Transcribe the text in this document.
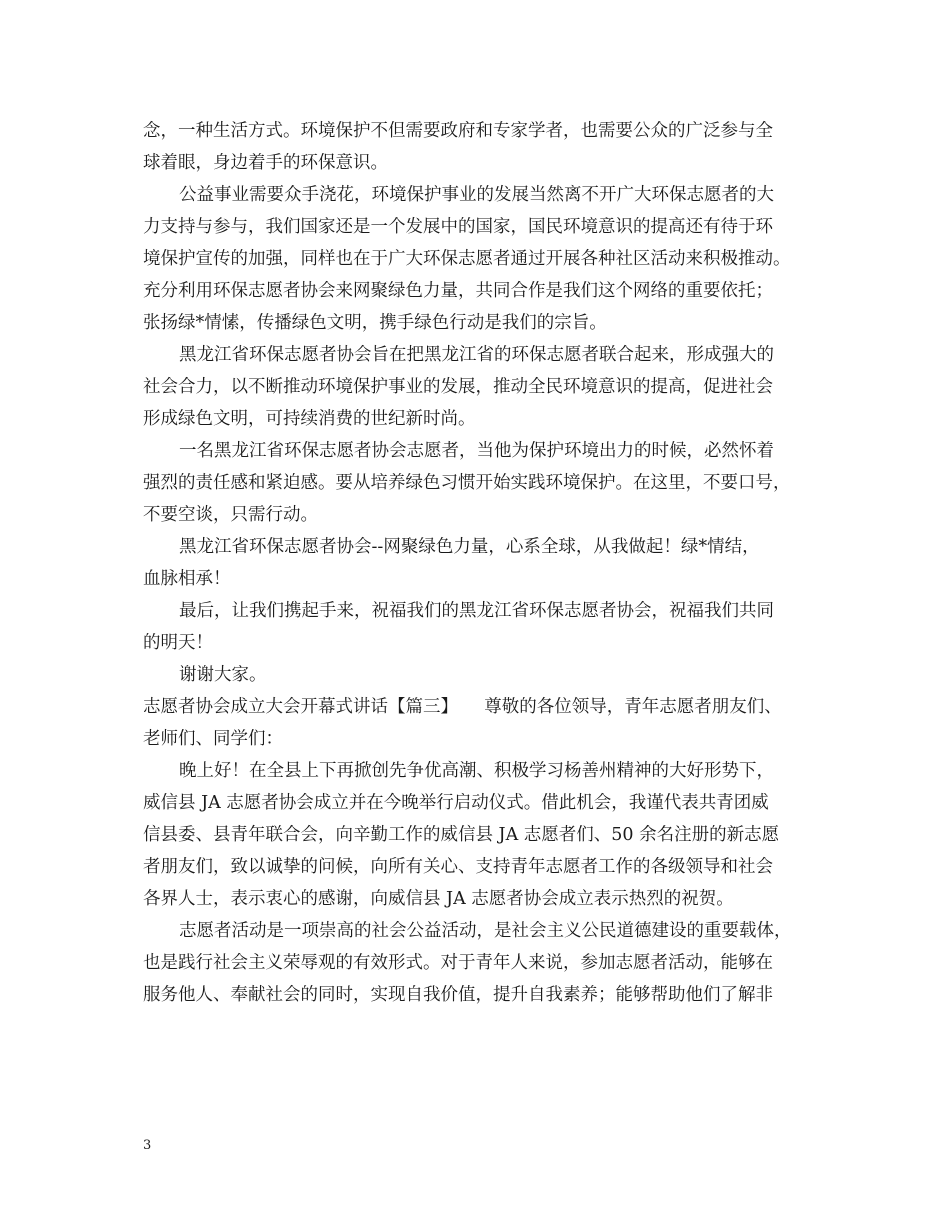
念，一种生活方式。环境保护不但需要政府和专家学者，也需要公众的广泛参与全
球着眼，身边着手的环保意识。
公益事业需要众手浇花，环境保护事业的发展当然离不开广大环保志愿者的大
力支持与参与，我们国家还是一个发展中的国家，国民环境意识的提高还有待于环
境保护宣传的加强，同样也在于广大环保志愿者通过开展各种社区活动来积极推动。
充分利用环保志愿者协会来网聚绿色力量，共同合作是我们这个网络的重要依托；
张扬绿*情愫，传播绿色文明，携手绿色行动是我们的宗旨。
黑龙江省环保志愿者协会旨在把黑龙江省的环保志愿者联合起来，形成强大的
社会合力，以不断推动环境保护事业的发展，推动全民环境意识的提高，促进社会
形成绿色文明，可持续消费的世纪新时尚。
一名黑龙江省环保志愿者协会志愿者，当他为保护环境出力的时候，必然怀着
强烈的责任感和紧迫感。要从培养绿色习惯开始实践环境保护。在这里，不要口号，
不要空谈，只需行动。
黑龙江省环保志愿者协会--网聚绿色力量，心系全球，从我做起！绿*情结，
血脉相承！
最后，让我们携起手来，祝福我们的黑龙江省环保志愿者协会，祝福我们共同
的明天！
谢谢大家。
志愿者协会成立大会开幕式讲话【篇三】　　尊敬的各位领导，青年志愿者朋友们、
老师们、同学们：
晚上好！在全县上下再掀创先争优高潮、积极学习杨善州精神的大好形势下，
威信县 JA 志愿者协会成立并在今晚举行启动仪式。借此机会，我谨代表共青团威
信县委、县青年联合会，向辛勤工作的威信县 JA 志愿者们、50 余名注册的新志愿
者朋友们，致以诚挚的问候，向所有关心、支持青年志愿者工作的各级领导和社会
各界人士，表示衷心的感谢，向威信县 JA 志愿者协会成立表示热烈的祝贺。
志愿者活动是一项崇高的社会公益活动，是社会主义公民道德建设的重要载体，
也是践行社会主义荣辱观的有效形式。对于青年人来说，参加志愿者活动，能够在
服务他人、奉献社会的同时，实现自我价值，提升自我素养；能够帮助他们了解非
3
